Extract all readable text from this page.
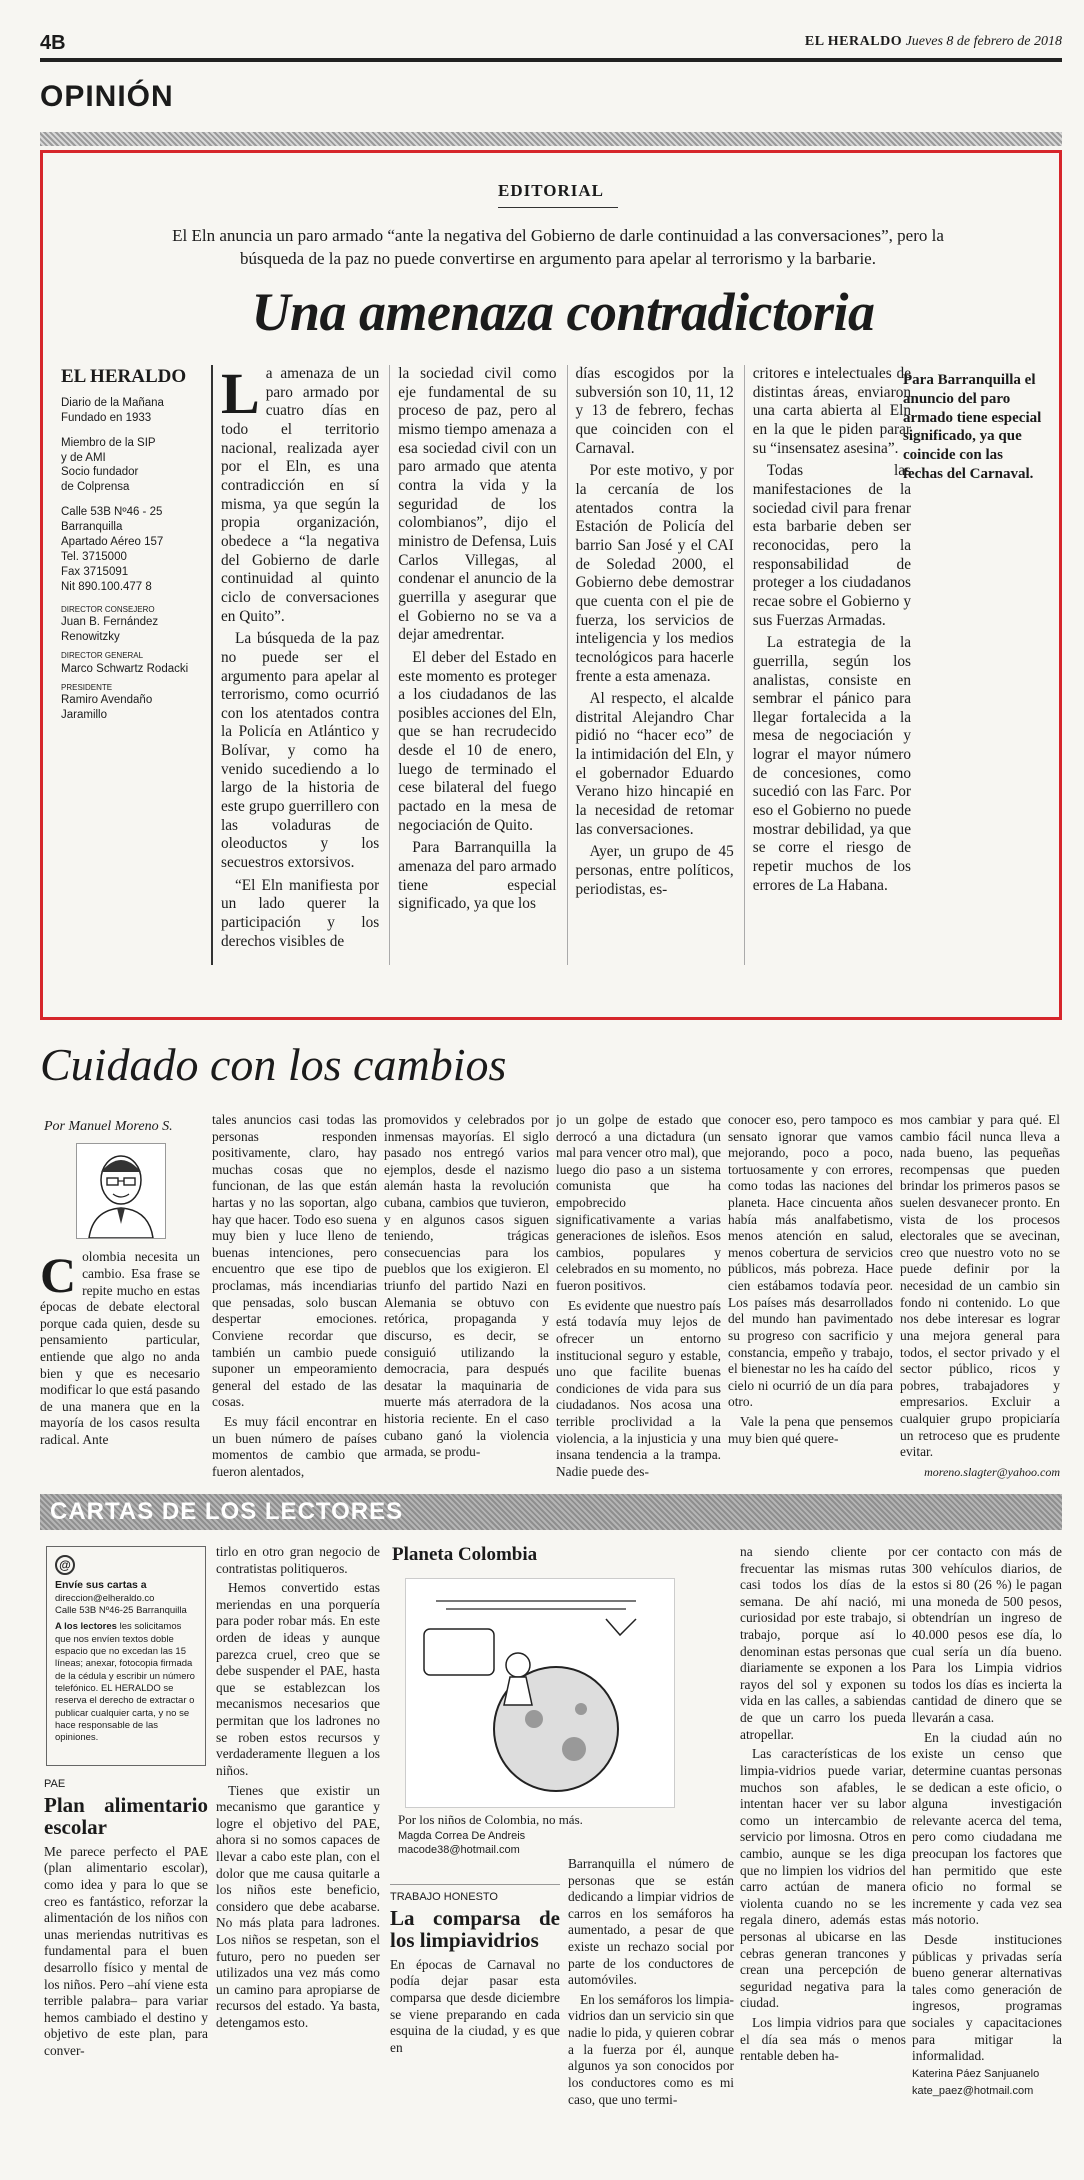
4B	EL HERALDO Jueves 8 de febrero de 2018
OPINIÓN
EDITORIAL
El Eln anuncia un paro armado “ante la negativa del Gobierno de darle continuidad a las conversaciones”, pero la búsqueda de la paz no puede convertirse en argumento para apelar al terrorismo y la barbarie.
Una amenaza contradictoria
EL HERALDO
Diario de la Mañana
Fundado en 1933
Miembro de la SIP
y de AMI
Socio fundador
de Colprensa
Calle 53B Nº46 - 25
Barranquilla
Apartado Aéreo 157
Tel. 3715000
Fax 3715091
Nit 890.100.477 8
DIRECTOR CONSEJERO
Juan B. Fernández Renowitzky
DIRECTOR GENERAL
Marco Schwartz Rodacki
PRESIDENTE
Ramiro Avendaño Jaramillo

La amenaza de un paro armado por cuatro días en todo el territorio nacional, realizada ayer por el Eln, es una contradicción en sí misma, ya que según la propia organización, obedece a “la negativa del Gobierno de darle continuidad al quinto ciclo de conversaciones en Quito”.

La búsqueda de la paz no puede ser el argumento para apelar al terrorismo, como ocurrió con los atentados contra la Policía en Atlántico y Bolívar, y como ha venido sucediendo a lo largo de la historia de este grupo guerrillero con las voladuras de oleoductos y los secuestros extorsivos.

“El Eln manifiesta por un lado querer la participación y los derechos visibles de

la sociedad civil como eje fundamental de su proceso de paz, pero al mismo tiempo amenaza a esa sociedad civil con un paro armado que atenta contra la vida y la seguridad de los colombianos”, dijo el ministro de Defensa, Luis Carlos Villegas, al condenar el anuncio de la guerrilla y asegurar que el Gobierno no se va a dejar amedrentar.

El deber del Estado en este momento es proteger a los ciudadanos de las posibles acciones del Eln, que se han recrudecido desde el 10 de enero, luego de terminado el cese bilateral del fuego pactado en la mesa de negociación de Quito.

Para Barranquilla la amenaza del paro armado tiene especial significado, ya que los

días escogidos por la subversión son 10, 11, 12 y 13 de febrero, fechas que coinciden con el Carnaval.

Por este motivo, y por la cercanía de los atentados contra la Estación de Policía del barrio San José y el CAI de Soledad 2000, el Gobierno debe demostrar que cuenta con el pie de fuerza, los servicios de inteligencia y los medios tecnológicos para hacerle frente a esta amenaza.

Al respecto, el alcalde distrital Alejandro Char pidió no “hacer eco” de la intimidación del Eln, y el gobernador Eduardo Verano hizo hincapié en la necesidad de retomar las conversaciones.

Ayer, un grupo de 45 personas, entre políticos, periodistas, es-

critores e intelectuales de distintas áreas, enviaron una carta abierta al Eln en la que le piden parar su “insensatez asesina”.

Todas las manifestaciones de la sociedad civil para frenar esta barbarie deben ser reconocidas, pero la responsabilidad de proteger a los ciudadanos recae sobre el Gobierno y sus Fuerzas Armadas.

La estrategia de la guerrilla, según los analistas, consiste en sembrar el pánico para llegar fortalecida a la mesa de negociación y lograr el mayor número de concesiones, como sucedió con las Farc. Por eso el Gobierno no puede mostrar debilidad, ya que se corre el riesgo de repetir muchos de los errores de La Habana.

Para Barranquilla el anuncio del paro armado tiene especial significado, ya que coincide con las fechas del Carnaval.
Cuidado con los cambios
Por Manuel Moreno S.

Colombia necesita un cambio. Esa frase se repite mucho en estas épocas de debate electoral porque cada quien, desde su pensamiento particular, entiende que algo no anda bien y que es necesario modificar lo que está pasando de una manera que en la mayoría de los casos resulta radical. Ante

tales anuncios casi todas las personas responden positivamente, claro, hay muchas cosas que no funcionan, de las que están hartas y no las soportan, algo hay que hacer. Todo eso suena muy bien y luce lleno de buenas intenciones, pero encuentro que ese tipo de proclamas, más incendiarias que pensadas, solo buscan despertar emociones. Conviene recordar que también un cambio puede suponer un empeoramiento general del estado de las cosas.

Es muy fácil encontrar en un buen número de países momentos de cambio que fueron alentados,

promovidos y celebrados por inmensas mayorías. El siglo pasado nos entregó varios ejemplos, desde el nazismo alemán hasta la revolución cubana, cambios que tuvieron, y en algunos casos siguen teniendo, trágicas consecuencias para los pueblos que los exigieron. El triunfo del partido Nazi en Alemania se obtuvo con retórica, propaganda y discurso, es decir, se consiguió utilizando la democracia, para después desatar la maquinaria de muerte más aterradora de la historia reciente. En el caso cubano ganó la violencia armada, se produ-

jo un golpe de estado que derrocó a una dictadura (un mal para vencer otro mal), que luego dio paso a un sistema comunista que ha empobrecido significativamente a varias generaciones de isleños. Esos cambios, populares y celebrados en su momento, no fueron positivos.

Es evidente que nuestro país está todavía muy lejos de ofrecer un entorno institucional seguro y estable, uno que facilite buenas condiciones de vida para sus ciudadanos. Nos acosa una terrible proclividad a la violencia, a la injusticia y una insana tendencia a la trampa. Nadie puede des-

conocer eso, pero tampoco es sensato ignorar que vamos mejorando, poco a poco, tortuosamente y con errores, como todas las naciones del planeta. Hace cincuenta años había más analfabetismo, menos atención en salud, menos cobertura de servicios públicos, más pobreza. Hace cien estábamos todavía peor. Los países más desarrollados del mundo han pavimentado su progreso con sacrificio y constancia, empeño y trabajo, el bienestar no les ha caído del cielo ni ocurrió de un día para otro.

Vale la pena que pensemos muy bien qué quere-

mos cambiar y para qué. El cambio fácil nunca lleva a nada bueno, las pequeñas recompensas que pueden brindar los primeros pasos se suelen desvanecer pronto. En vista de los procesos electorales que se avecinan, creo que nuestro voto no se puede definir por la necesidad de un cambio sin fondo ni contenido. Lo que nos debe interesar es lograr una mejora general para todos, el sector privado y el sector público, ricos y pobres, trabajadores y empresarios. Excluir a cualquier grupo propiciaría un retroceso que es prudente evitar.

moreno.slagter@yahoo.com
CARTAS DE LOS LECTORES
@
Envíe sus cartas a
direccion@elheraldo.co
Calle 53B Nº46-25 Barranquilla
A los lectores les solicitamos que nos envíen textos doble espacio que no excedan las 15 líneas; anexar, fotocopia firmada de la cédula y escribir un número telefónico. EL HERALDO se reserva el derecho de extractar o publicar cualquier carta, y no se hace responsable de las opiniones.
PAE
Plan alimentario escolar

Me parece perfecto el PAE (plan alimentario escolar), como idea y para lo que se creo es fantástico, reforzar la alimentación de los niños con unas meriendas nutritivas es fundamental para el buen desarrollo físico y mental de los niños. Pero –ahí viene esta terrible palabra– para variar hemos cambiado el destino y objetivo de este plan, para conver-

tirlo en otro gran negocio de contratistas politiqueros.

Hemos convertido estas meriendas en una porquería para poder robar más. En este orden de ideas y aunque parezca cruel, creo que se debe suspender el PAE, hasta que se establezcan los mecanismos necesarios que permitan que los ladrones no se roben estos recursos y verdaderamente lleguen a los niños.

Tienes que existir un mecanismo que garantice y logre el objetivo del PAE, ahora si no somos capaces de llevar a cabo este plan, con el dolor que me causa quitarle a los niños este beneficio, considero que debe acabarse. No más plata para ladrones. Los niños se respetan, son el futuro, pero no pueden ser utilizados una vez más como un camino para apropiarse de recursos del estado. Ya basta, detengamos esto.

Planeta Colombia
Por los niños de Colombia, no más.
Magda Correa De Andreis
macode38@hotmail.com
TRABAJO HONESTO
La comparsa de los limpiavidrios

En épocas de Carnaval no podía dejar pasar esta comparsa que desde diciembre se viene preparando en cada esquina de la ciudad, y es que en

Barranquilla el número de personas que se están dedicando a limpiar vidrios de carros en los semáforos ha aumentado, a pesar de que existe un rechazo social por parte de los conductores de automóviles.

En los semáforos los limpia-vidrios dan un servicio sin que nadie lo pida, y quieren cobrar a la fuerza por él, aunque algunos ya son conocidos por los conductores como es mi caso, que uno termi-

na siendo cliente por frecuentar las mismas rutas casi todos los días de la semana. De ahí nació, mi curiosidad por este trabajo, si trabajo, porque así lo denominan estas personas que diariamente se exponen a los rayos del sol y exponen su vida en las calles, a sabiendas de que un carro los pueda atropellar.

Las características de los limpia-vidrios puede variar, muchos son afables, le intentan hacer ver su labor como un intercambio de servicio por limosna. Otros en cambio, aunque se les diga que no limpien los vidrios del carro actúan de manera violenta cuando no se les regala dinero, además estas personas al ubicarse en las cebras generan trancones y crean una percepción de seguridad negativa para la ciudad.

Los limpia vidrios para que el día sea más o menos rentable deben ha-

cer contacto con más de 300 vehículos diarios, de estos si 80 (26 %) le pagan una moneda de 500 pesos, obtendrían un ingreso de 40.000 pesos ese día, lo cual sería un día bueno. Para los Limpia vidrios todos los días es incierta la cantidad de dinero que se llevarán a casa.

En la ciudad aún no existe un censo que determine cuantas personas se dedican a este oficio, o alguna investigación relevante acerca del tema, pero como ciudadana me preocupan los factores que han permitido que este oficio no formal se incremente y cada vez sea más notorio.

Desde instituciones públicas y privadas sería bueno generar alternativas tales como generación de ingresos, programas sociales y capacitaciones para mitigar la informalidad.

Katerina Páez Sanjuanelo

kate_paez@hotmail.com
